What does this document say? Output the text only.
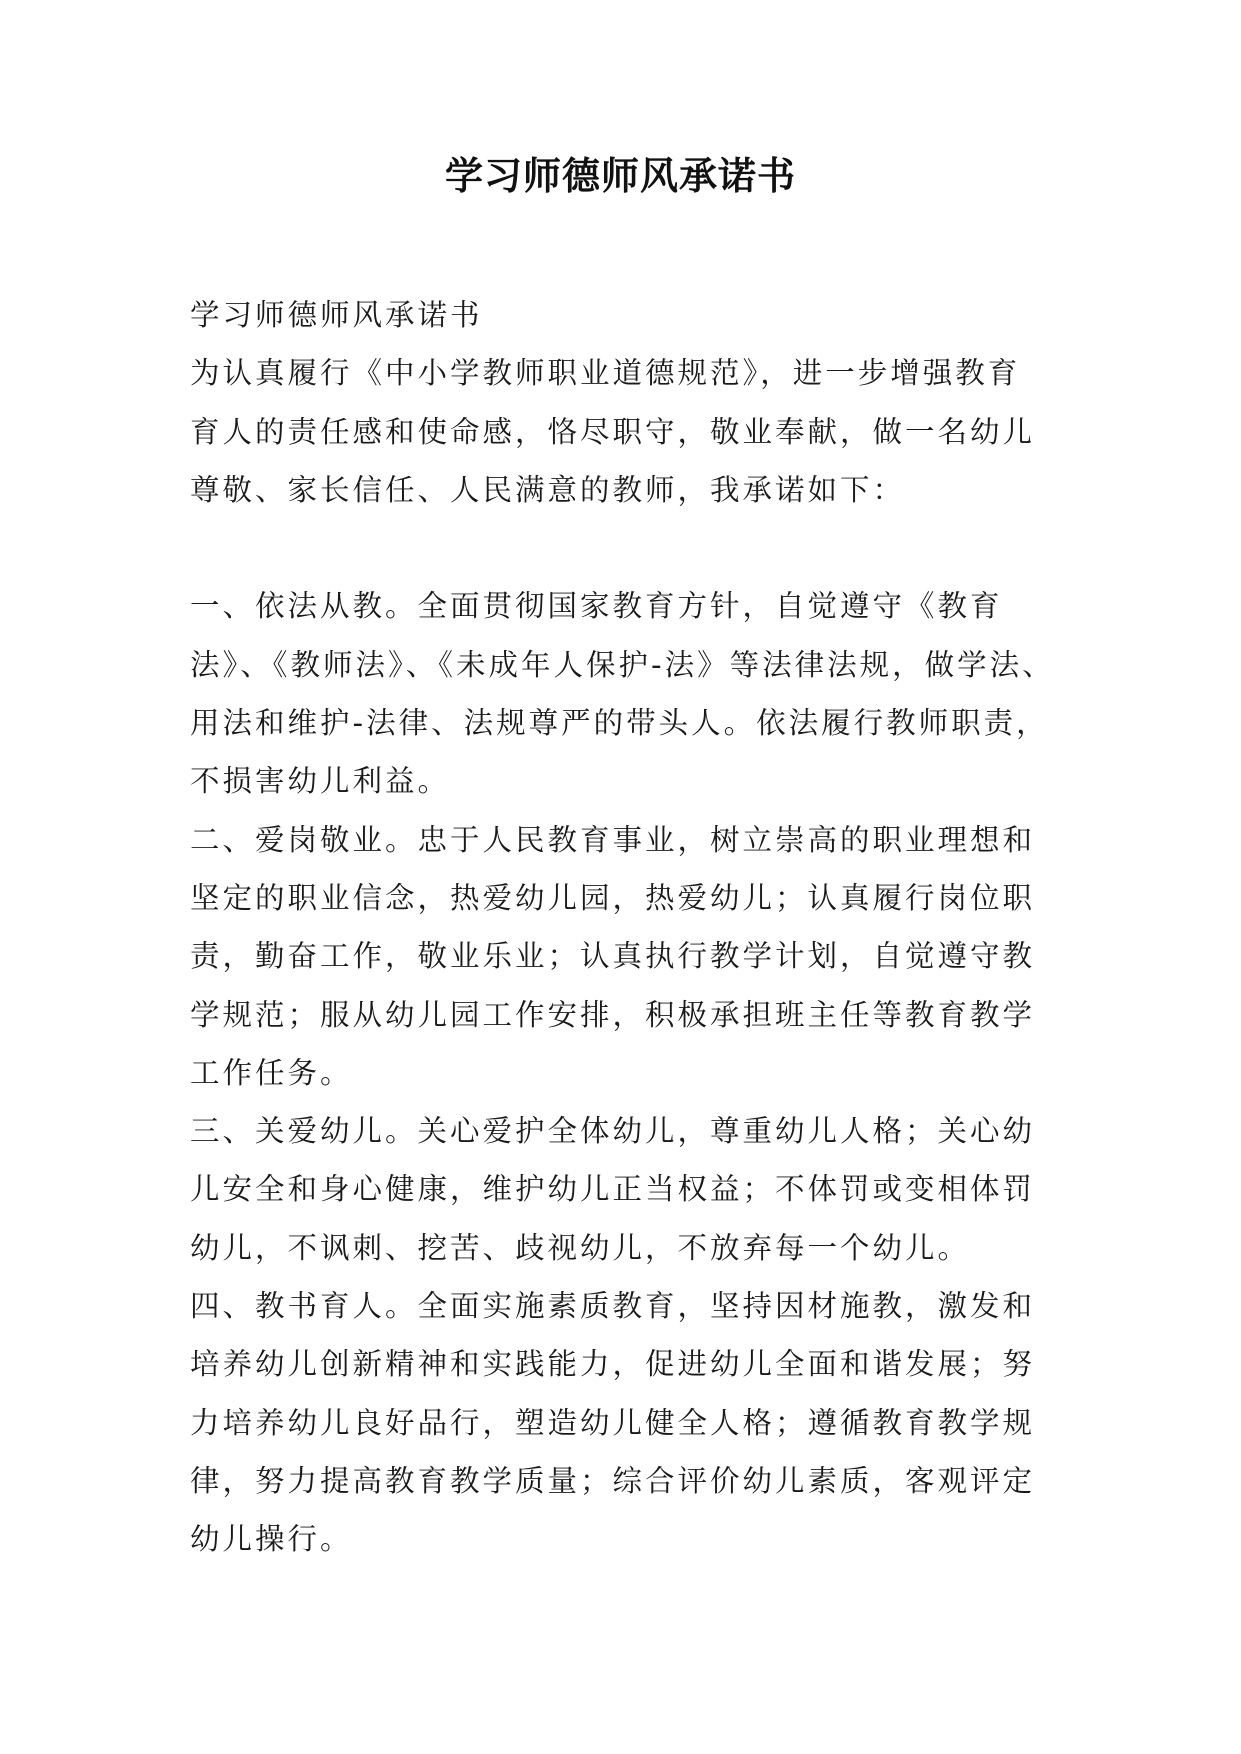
学习师德师风承诺书
学习师德师风承诺书
为认真履行《中小学教师职业道德规范》，进一步增强教育
育人的责任感和使命感，恪尽职守，敬业奉献，做一名幼儿
尊敬、家长信任、人民满意的教师，我承诺如下：
一、依法从教。全面贯彻国家教育方针，自觉遵守《教育
法》、《教师法》、《未成年人保护-法》等法律法规，做学法、
用法和维护-法律、法规尊严的带头人。依法履行教师职责，
不损害幼儿利益。
二、爱岗敬业。忠于人民教育事业，树立崇高的职业理想和
坚定的职业信念，热爱幼儿园，热爱幼儿；认真履行岗位职
责，勤奋工作，敬业乐业；认真执行教学计划，自觉遵守教
学规范；服从幼儿园工作安排，积极承担班主任等教育教学
工作任务。
三、关爱幼儿。关心爱护全体幼儿，尊重幼儿人格；关心幼
儿安全和身心健康，维护幼儿正当权益；不体罚或变相体罚
幼儿，不讽刺、挖苦、歧视幼儿，不放弃每一个幼儿。
四、教书育人。全面实施素质教育，坚持因材施教，激发和
培养幼儿创新精神和实践能力，促进幼儿全面和谐发展；努
力培养幼儿良好品行，塑造幼儿健全人格；遵循教育教学规
律，努力提高教育教学质量；综合评价幼儿素质，客观评定
幼儿操行。
